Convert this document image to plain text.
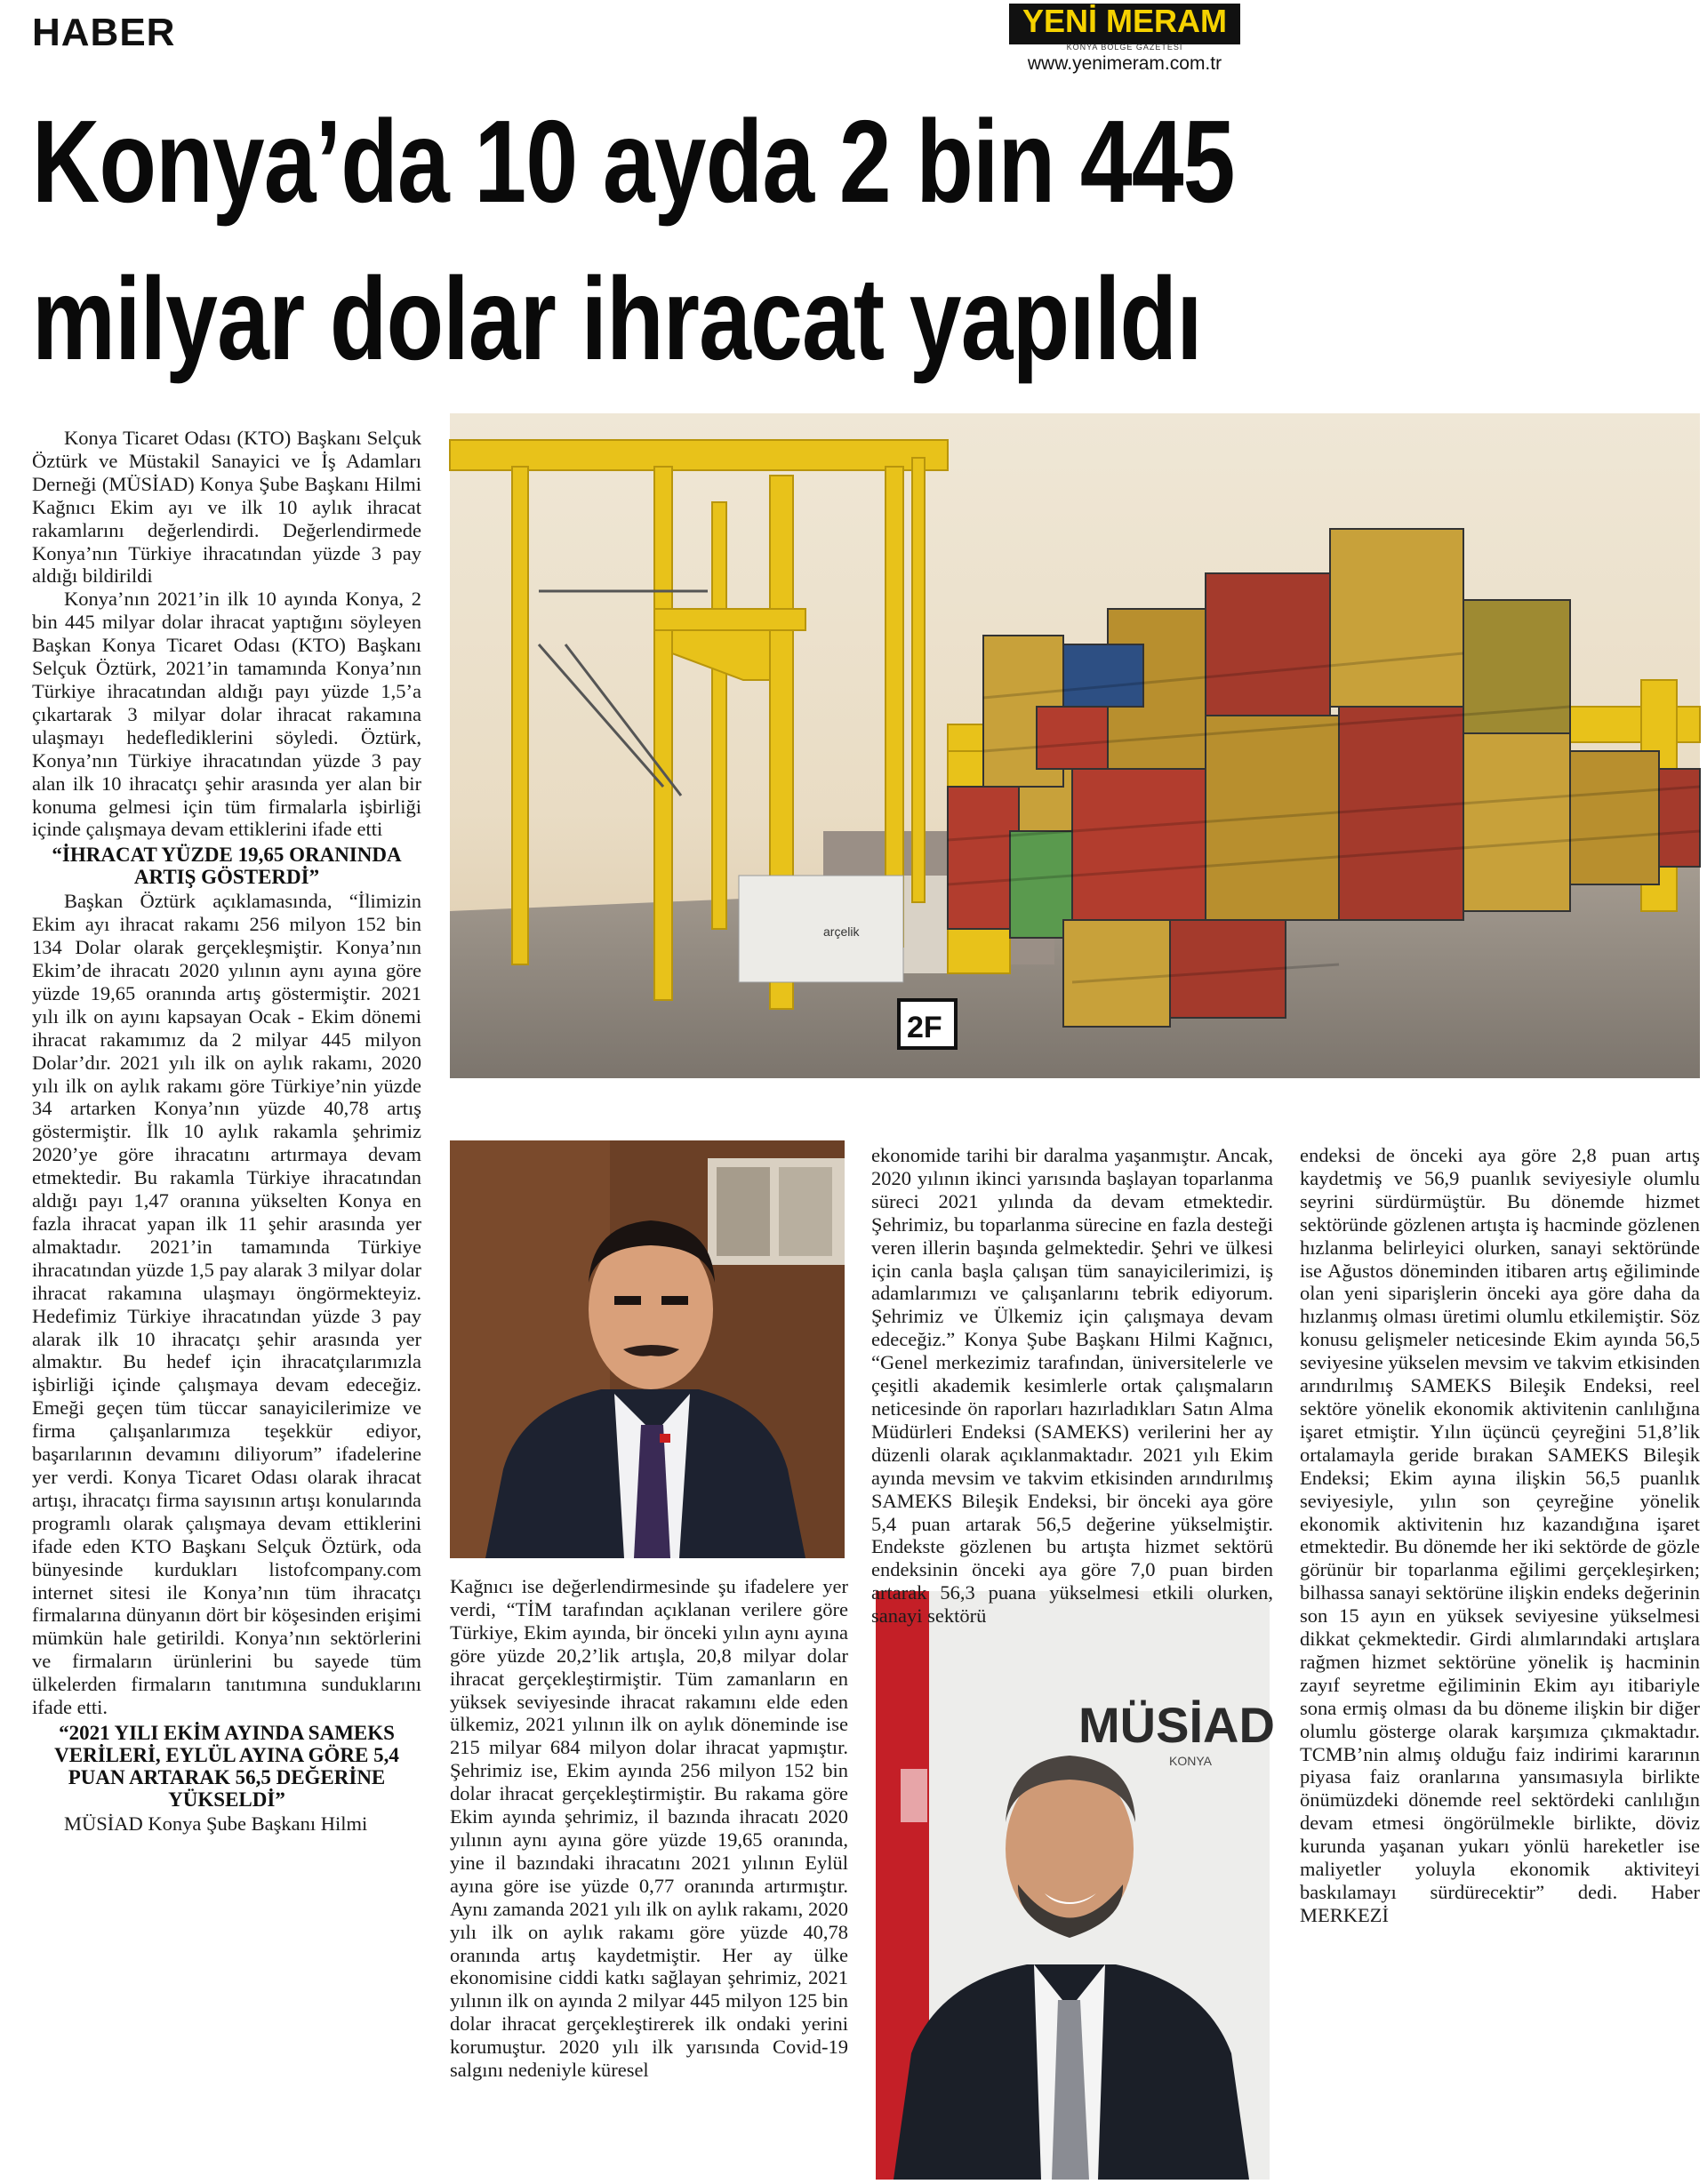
HABER	YENİ MERAM
KONYA BÖLGE GAZETESİ
www.yenimeram.com.tr
Konya’da 10 ayda 2 bin 445
milyar dolar ihracat yapıldı
arçelik
2F
MÜSİAD
KONYA

Konya Ticaret Odası (KTO) Başkanı Selçuk Öztürk ve Müstakil Sanayici ve İş Adamları Derneği (MÜSİAD) Konya Şube Başkanı Hilmi Kağnıcı Ekim ayı ve ilk 10 aylık ihracat rakamlarını değerlendirdi. Değerlendirmede Konya’nın Türkiye ihracatından yüzde 3 pay aldığı bildirildi

Konya’nın 2021’in ilk 10 ayında Konya, 2 bin 445 milyar dolar ihracat yaptığını söyleyen Başkan Konya Ticaret Odası (KTO) Başkanı Selçuk Öztürk, 2021’in tamamında Konya’nın Türkiye ihracatından aldığı payı yüzde 1,5’a çıkartarak 3 milyar dolar ihracat rakamına ulaşmayı hedeflediklerini söyledi. Öztürk, Konya’nın Türkiye ihracatından yüzde 3 pay alan ilk 10 ihracatçı şehir arasında yer alan bir konuma gelmesi için tüm firmalarla işbirliği içinde çalışmaya devam ettiklerini ifade etti

“İHRACAT YÜZDE 19,65 ORANINDA ARTIŞ GÖSTERDİ”

Başkan Öztürk açıklamasında, “İlimizin Ekim ayı ihracat rakamı 256 milyon 152 bin 134 Dolar olarak gerçekleşmiştir. Konya’nın Ekim’de ihracatı 2020 yılının aynı ayına göre yüzde 19,65 oranında artış göstermiştir. 2021 yılı ilk on ayını kapsayan Ocak - Ekim dönemi ihracat rakamımız da 2 milyar 445 milyon Dolar’dır. 2021 yılı ilk on aylık rakamı, 2020 yılı ilk on aylık rakamı göre Türkiye’nin yüzde 34 artarken Konya’nın yüzde 40,78 artış göstermiştir. İlk 10 aylık rakamla şehrimiz 2020’ye göre ihracatını artırmaya devam etmektedir. Bu rakamla Türkiye ihracatından aldığı payı 1,47 oranına yükselten Konya en fazla ihracat yapan ilk 11 şehir arasında yer almaktadır. 2021’in tamamında Türkiye ihracatından yüzde 1,5 pay alarak 3 milyar dolar ihracat rakamına ulaşmayı öngörmekteyiz. Hedefimiz Türkiye ihracatından yüzde 3 pay alarak ilk 10 ihracatçı şehir arasında yer almaktır. Bu hedef için ihracatçılarımızla işbirliği içinde çalışmaya devam edeceğiz. Emeği geçen tüm tüccar sanayicilerimize ve firma çalışanlarımıza teşekkür ediyor, başarılarının devamını diliyorum” ifadelerine yer verdi. Konya Ticaret Odası olarak ihracat artışı, ihracatçı firma sayısının artışı konularında programlı olarak çalışmaya devam ettiklerini ifade eden KTO Başkanı Selçuk Öztürk, oda bünyesinde kurdukları listofcompany.com internet sitesi ile Konya’nın tüm ihracatçı firmalarına dünyanın dört bir köşesinden erişimi mümkün hale getirildi. Konya’nın sektörlerini ve firmaların ürünlerini bu sayede tüm ülkelerden firmaların tanıtımına sunduklarını ifade etti.

“2021 YILI EKİM AYINDA SAMEKS VERİLERİ, EYLÜL AYINA GÖRE 5,4 PUAN ARTARAK 56,5 DEĞERİNE YÜKSELDİ”

MÜSİAD Konya Şube Başkanı Hilmi

Kağnıcı ise değerlendirmesinde şu ifadelere yer verdi, “TİM tarafından açıklanan verilere göre Türkiye, Ekim ayında, bir önceki yılın aynı ayına göre yüzde 20,2’lik artışla, 20,8 milyar dolar ihracat gerçekleştirmiştir. Tüm zamanların en yüksek seviyesinde ihracat rakamını elde eden ülkemiz, 2021 yılının ilk on aylık döneminde ise 215 milyar 684 milyon dolar ihracat yapmıştır. Şehrimiz ise, Ekim ayında 256 milyon 152 bin dolar ihracat gerçekleştirmiştir. Bu rakama göre Ekim ayında şehrimiz, il bazında ihracatı 2020 yılının aynı ayına göre yüzde 19,65 oranında, yine il bazındaki ihracatını 2021 yılının Eylül ayına göre ise yüzde 0,77 oranında artırmıştır. Aynı zamanda 2021 yılı ilk on aylık rakamı, 2020 yılı ilk on aylık rakamı göre yüzde 40,78 oranında artış kaydetmiştir. Her ay ülke ekonomisine ciddi katkı sağlayan şehrimiz, 2021 yılının ilk on ayında 2 milyar 445 milyon 125 bin dolar ihracat gerçekleştirerek ilk ondaki yerini korumuştur. 2020 yılı ilk yarısında Covid-19 salgını nedeniyle küresel

ekonomide tarihi bir daralma yaşanmıştır. Ancak, 2020 yılının ikinci yarısında başlayan toparlanma süreci 2021 yılında da devam etmektedir. Şehrimiz, bu toparlanma sürecine en fazla desteği veren illerin başında gelmektedir. Şehri ve ülkesi için canla başla çalışan tüm sanayicilerimizi, iş adamlarımızı ve çalışanlarını tebrik ediyorum. Şehrimiz ve Ülkemiz için çalışmaya devam edeceğiz.” Konya Şube Başkanı Hilmi Kağnıcı, “Genel merkezimiz tarafından, üniversitelerle ve çeşitli akademik kesimlerle ortak çalışmaların neticesinde ön raporları hazırladıkları Satın Alma Müdürleri Endeksi (SAMEKS) verilerini her ay düzenli olarak açıklanmaktadır. 2021 yılı Ekim ayında mevsim ve takvim etkisinden arındırılmış SAMEKS Bileşik Endeksi, bir önceki aya göre 5,4 puan artarak 56,5 değerine yükselmiştir. Endekste gözlenen bu artışta hizmet sektörü endeksinin önceki aya göre 7,0 puan birden artarak 56,3 puana yükselmesi etkili olurken, sanayi sektörü

endeksi de önceki aya göre 2,8 puan artış kaydetmiş ve 56,9 puanlık seviyesiyle olumlu seyrini sürdürmüştür. Bu dönemde hizmet sektöründe gözlenen artışta iş hacminde gözlenen hızlanma belirleyici olurken, sanayi sektöründe ise Ağustos döneminden itibaren artış eğiliminde olan yeni siparişlerin önceki aya göre daha da hızlanmış olması üretimi olumlu etkilemiştir. Söz konusu gelişmeler neticesinde Ekim ayında 56,5 seviyesine yükselen mevsim ve takvim etkisinden arındırılmış SAMEKS Bileşik Endeksi, reel sektöre yönelik ekonomik aktivitenin canlılığına işaret etmiştir. Yılın üçüncü çeyreğini 51,8’lik ortalamayla geride bırakan SAMEKS Bileşik Endeksi; Ekim ayına ilişkin 56,5 puanlık seviyesiyle, yılın son çeyreğine yönelik ekonomik aktivitenin hız kazandığına işaret etmektedir. Bu dönemde her iki sektörde de gözle görünür bir toparlanma eğilimi gerçekleşirken; bilhassa sanayi sektörüne ilişkin endeks değerinin son 15 ayın en yüksek seviyesine yükselmesi dikkat çekmektedir. Girdi alımlarındaki artışlara rağmen hizmet sektörüne yönelik iş hacminin zayıf seyretme eğiliminin Ekim ayı itibariyle sona ermiş olması da bu döneme ilişkin bir diğer olumlu gösterge olarak karşımıza çıkmaktadır. TCMB’nin almış olduğu faiz indirimi kararının piyasa faiz oranlarına yansımasıyla birlikte önümüzdeki dönemde reel sektördeki canlılığın devam etmesi öngörülmekle birlikte, döviz kurunda yaşanan yukarı yönlü hareketler ise maliyetler yoluyla ekonomik aktiviteyi baskılamayı sürdürecektir” dedi. Haber MERKEZİ
